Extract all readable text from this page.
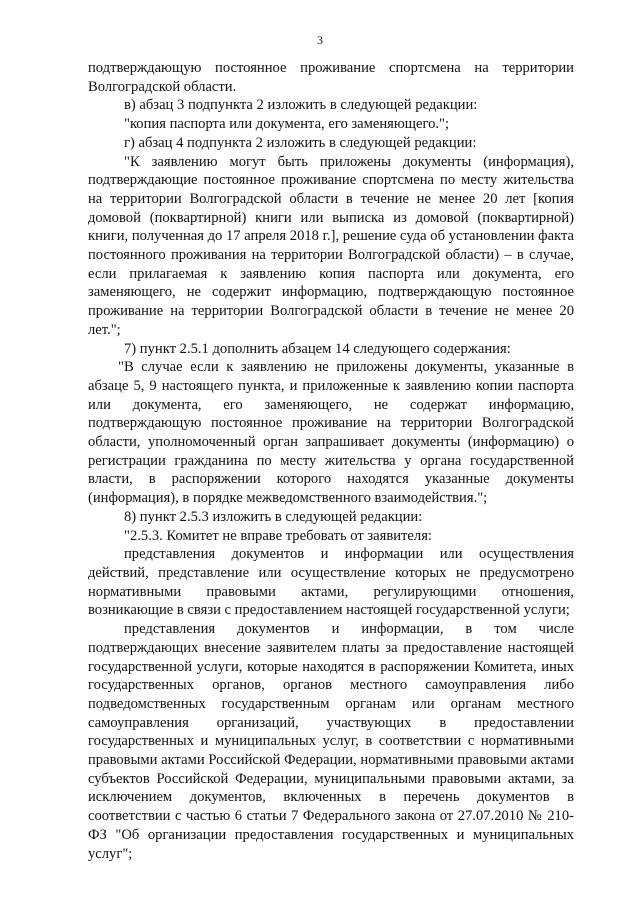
3

подтверждающую постоянное проживание спортсмена на территории Волгоградской области.

в) абзац 3 подпункта 2 изложить в следующей редакции:

"копия паспорта или документа, его заменяющего.";

г) абзац 4 подпункта 2 изложить в следующей редакции:

"К заявлению могут быть приложены документы (информация), подтверждающие постоянное проживание спортсмена по месту жительства на территории Волгоградской области в течение не менее 20 лет [копия домовой (поквартирной) книги или выписка из домовой (поквартирной) книги, полученная до 17 апреля 2018 г.], решение суда об установлении факта постоянного проживания на территории Волгоградской области) – в случае, если прилагаемая к заявлению копия паспорта или документа, его заменяющего, не содержит информацию, подтверждающую постоянное проживание на территории Волгоградской области в течение не менее 20 лет.";

7) пункт 2.5.1 дополнить абзацем 14 следующего содержания:

"В случае если к заявлению не приложены документы, указанные в абзаце 5, 9 настоящего пункта, и приложенные к заявлению копии паспорта или документа, его заменяющего, не содержат информацию, подтверждающую постоянное проживание на территории Волгоградской области, уполномоченный орган запрашивает документы (информацию) о регистрации гражданина по месту жительства у органа государственной власти, в распоряжении которого находятся указанные документы (информация), в порядке межведомственного взаимодействия.";

8) пункт 2.5.3 изложить в следующей редакции:

"2.5.3. Комитет не вправе требовать от заявителя:

представления документов и информации или осуществления действий, представление или осуществление которых не предусмотрено нормативными правовыми актами, регулирующими отношения, возникающие в связи с предоставлением настоящей государственной услуги;

представления документов и информации, в том числе подтверждающих внесение заявителем платы за предоставление настоящей государственной услуги, которые находятся в распоряжении Комитета, иных государственных органов, органов местного самоуправления либо подведомственных государственным органам или органам местного самоуправления организаций, участвующих в предоставлении государственных и муниципальных услуг, в соответствии с нормативными правовыми актами Российской Федерации, нормативными правовыми актами субъектов Российской Федерации, муниципальными правовыми актами, за исключением документов, включенных в перечень документов в соответствии с частью 6 статьи 7 Федерального закона от 27.07.2010 № 210-ФЗ "Об организации предоставления государственных и муниципальных услуг";
